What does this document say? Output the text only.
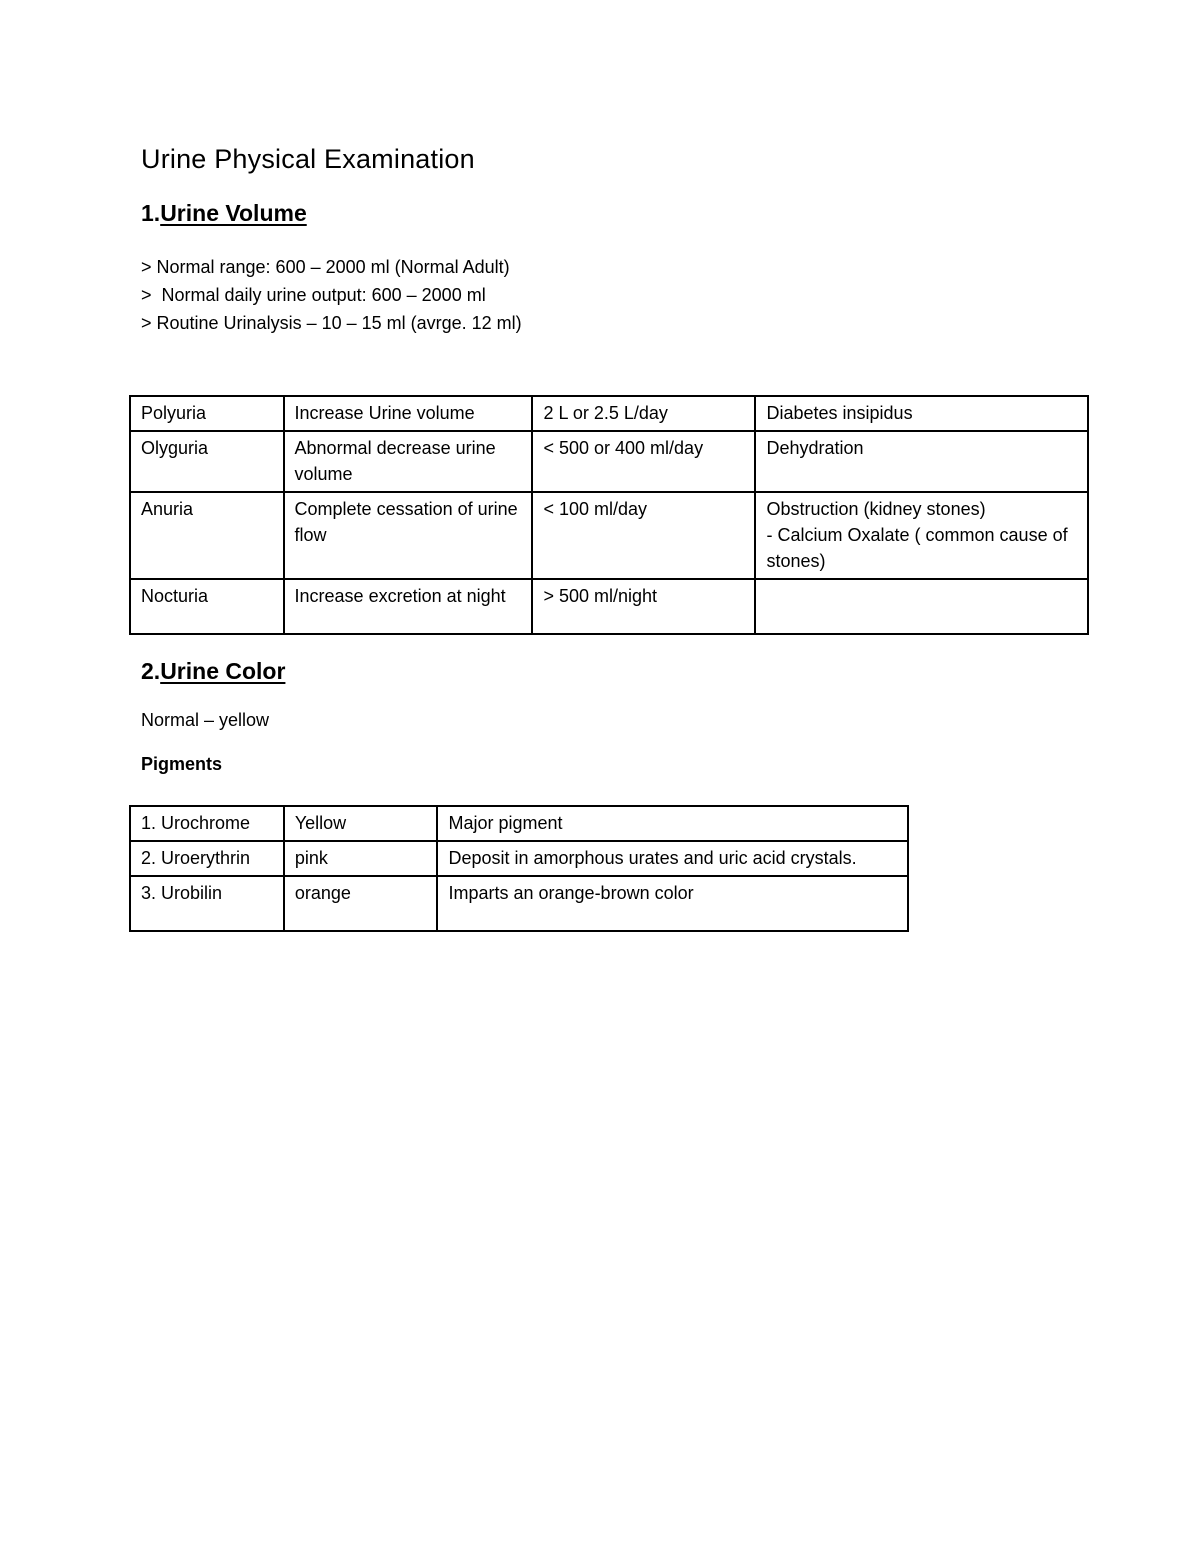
Urine Physical Examination
1.Urine Volume
> Normal range: 600 – 2000 ml (Normal Adult)
>  Normal daily urine output: 600 – 2000 ml
> Routine Urinalysis – 10 – 15 ml (avrge. 12 ml)
Polyuria	Increase Urine volume	2 L or 2.5 L/day	Diabetes insipidus
Olyguria	Abnormal decrease urine volume	< 500 or 400 ml/day	Dehydration
Anuria	Complete cessation of urine flow	< 100 ml/day	Obstruction (kidney stones)
- Calcium Oxalate ( common cause of stones)

Nocturia	Increase excretion at night	> 500 ml/night	
2.Urine Color
Normal – yellow
Pigments
1. Urochrome	Yellow	Major pigment
2. Uroerythrin	pink	Deposit in amorphous urates and uric acid crystals.
3. Urobilin	orange	Imparts an orange-brown color
